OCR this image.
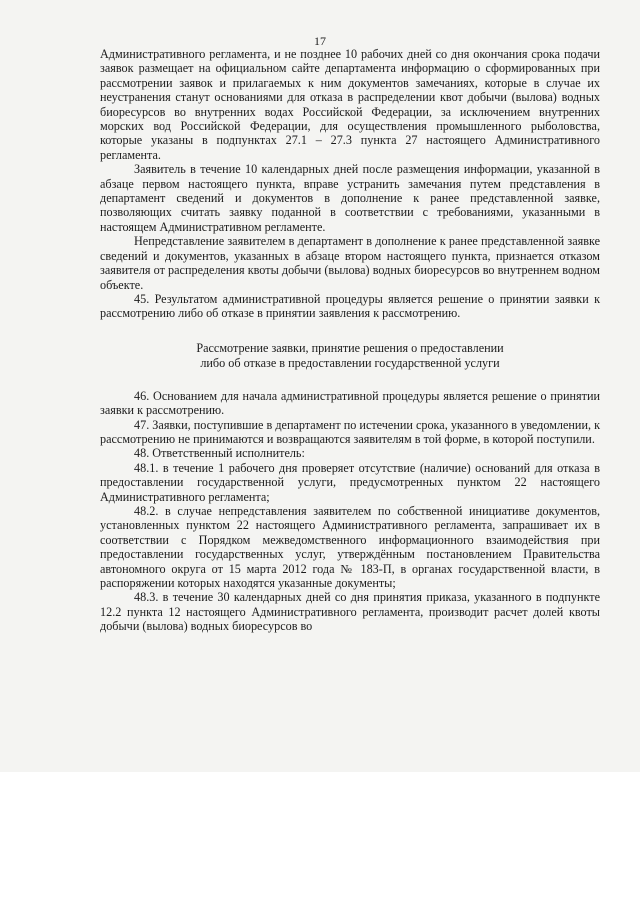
17

Административного регламента, и не позднее 10 рабочих дней со дня окончания срока подачи заявок размещает на официальном сайте департамента информацию о сформированных при рассмотрении заявок и прилагаемых к ним документов замечаниях, которые в случае их неустранения станут основаниями для отказа в распределении квот добычи (вылова) водных биоресурсов во внутренних водах Российской Федерации, за исключением внутренних морских вод Российской Федерации, для осуществления промышленного рыболовства, которые указаны в подпунктах 27.1 – 27.3 пункта 27 настоящего Административного регламента.

Заявитель в течение 10 календарных дней после размещения информации, указанной в абзаце первом настоящего пункта, вправе устранить замечания путем представления в департамент сведений и документов в дополнение к ранее представленной заявке, позволяющих считать заявку поданной в соответствии с требованиями, указанными в настоящем Административном регламенте.

Непредставление заявителем в департамент в дополнение к ранее представленной заявке сведений и документов, указанных в абзаце втором настоящего пункта, признается отказом заявителя от распределения квоты добычи (вылова) водных биоресурсов во внутреннем водном объекте.

45. Результатом административной процедуры является решение о принятии заявки к рассмотрению либо об отказе в принятии заявления к рассмотрению.

Рассмотрение заявки, принятие решения о предоставлении
либо об отказе в предоставлении государственной услуги

46. Основанием для начала административной процедуры является решение о принятии заявки к рассмотрению.

47. Заявки, поступившие в департамент по истечении срока, указанного в уведомлении, к рассмотрению не принимаются и возвращаются заявителям в той форме, в которой поступили.

48. Ответственный исполнитель:

48.1. в течение 1 рабочего дня проверяет отсутствие (наличие) оснований для отказа в предоставлении государственной услуги, предусмотренных пунктом 22 настоящего Административного регламента;

48.2. в случае непредставления заявителем по собственной инициативе документов, установленных пунктом 22 настоящего Административного регламента, запрашивает их в соответствии с Порядком межведомственного информационного взаимодействия при предоставлении государственных услуг, утверждённым постановлением Правительства автономного округа от 15 марта 2012 года № 183-П, в органах государственной власти, в распоряжении которых находятся указанные документы;

48.3. в течение 30 календарных дней со дня принятия приказа, указанного в подпункте 12.2 пункта 12 настоящего Административного регламента, производит расчет долей квоты добычи (вылова) водных биоресурсов во
